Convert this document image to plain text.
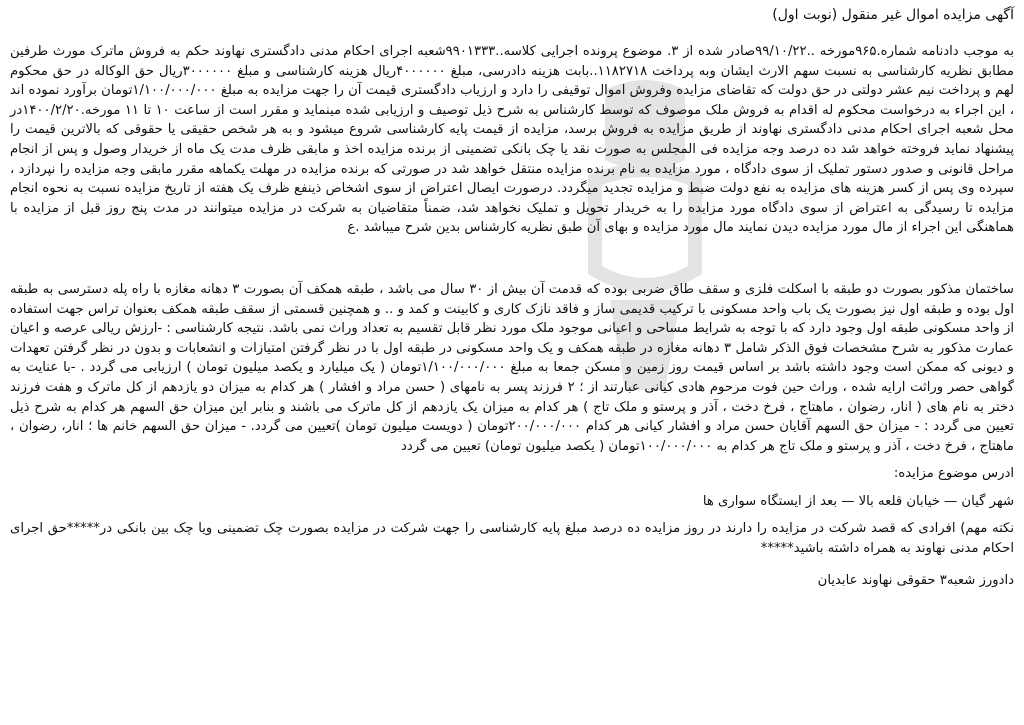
آگهی مزایده اموال غیر منقول (نوبت اول)

به موجب دادنامه شماره.۹۶۵مورخه ..۹۹/۱۰/۲۲صادر شده از ۳. موضوع پرونده اجرایی کلاسه..۹۹۰۱۳۳۳شعبه اجرای احکام مدنی دادگستری نهاوند حکم به فروش ماترک مورث طرفین مطابق نظریه کارشناسی به نسبت سهم الارث ایشان وبه پرداخت ۱۱۸۲۷۱۸..بابت هزینه دادرسی، مبلغ ۴۰۰۰۰۰۰ریال هزینه کارشناسی و مبلغ ۳۰۰۰۰۰۰ریال حق الوکاله در حق محکوم لهم و پرداخت نیم عشر دولتی در حق دولت که تقاضای مزایده وفروش اموال توقیفی را دارد و ارزیاب دادگستری قیمت آن را جهت مزایده به مبلغ ۱/۱۰۰/۰۰۰/۰۰۰تومان برآورد نموده اند ، این اجراء به درخواست محکوم له اقدام به فروش ملک موصوف که توسط کارشناس به شرح ذیل توصیف و ارزیابی شده مینماید و مقرر است از ساعت ۱۰ تا ۱۱ مورخه.۱۴۰۰/۲/۲۰در محل شعبه اجرای احکام مدنی دادگستری نهاوند از طریق مزایده به فروش برسد، مزایده از قیمت پایه کارشناسی شروع میشود و به هر شخص حقیقی یا حقوقی که بالاترین قیمت را پیشنهاد نماید فروخته خواهد شد ده درصد وجه مزایده فی المجلس به صورت نقد یا چک بانکی تضمینی از برنده مزایده اخذ و مابقی ظرف مدت یک ماه از خریدار وصول و پس از انجام مراحل قانونی و صدور دستور تملیک از سوی دادگاه ، مورد مزایده به نام برنده مزایده منتقل خواهد شد در صورتی که برنده مزایده در مهلت یکماهه مقرر مابقی وجه مزایده را نپردازد ، سپرده وی پس از کسر هزینه های مزایده به نفع دولت ضبط و مزایده تجدید میگردد. درصورت ایصال اعتراض از سوی اشخاص ذینفع ظرف یک هفته از تاریخ مزایده نسبت به نحوه انجام مزایده تا رسیدگی به اعتراض از سوی دادگاه مورد مزایده را به خریدار تحویل و تملیک نخواهد شد، ضمناً متقاضیان به شرکت در مزایده میتوانند در مدت پنج روز قبل از مزایده با هماهنگی این اجراء از مال مورد مزایده دیدن نمایند مال مورد مزایده و بهای آن طبق نظریه کارشناس بدین شرح میباشد .ع

ساختمان مذکور بصورت دو طبقه با اسکلت فلزی و سقف طاق ضربی بوده که قدمت آن بیش از ۳۰ سال می باشد ، طبقه همکف آن بصورت ۳ دهانه مغازه با راه پله دسترسی به طبقه اول بوده و طبقه اول نیز بصورت یک باب واحد مسکونی با ترکیب قدیمی ساز و فاقد نازک کاری و کابینت و کمد و .. و همچنین قسمتی از سقف طبقه همکف بعنوان تراس جهت استفاده از واحد مسکونی طبقه اول وجود دارد که با توجه به شرایط مساحی و اعیانی موجود ملک مورد نظر قابل تقسیم به تعداد وراث نمی باشد. نتیجه کارشناسی : -ارزش ریالی عرصه و اعیان عمارت مذکور به شرح مشخصات فوق الذکر شامل ۳ دهانه مغازه در طبقه همکف و یک واحد مسکونی در طبقه اول با در نظر گرفتن امتیازات و انشعابات و بدون در نظر گرفتن تعهدات و دیونی که ممکن است وجود داشته باشد بر اساس قیمت روز زمین و مسکن جمعا به مبلغ ۱/۱۰۰/۰۰۰/۰۰۰تومان ( یک میلیارد و یکصد میلیون تومان ) ارزیابی می گردد . -با عنایت به گواهی حصر وراثت ارایه شده ، وراث حین فوت مرحوم هادی کیانی عبارتند از ؛ ۲ فرزند پسر به نامهای ( حسن مراد و افشار ) هر کدام به میزان دو یازدهم از کل ماترک و هفت فرزند دختر به نام های ( انار، رضوان ، ماهتاج ، فرخ دخت ، آذر و پرستو و ملک تاج ) هر کدام به میزان یک یازدهم از کل ماترک می باشند و بنابر این میزان حق السهم هر کدام به شرح ذیل تعیین می گردد : - میزان حق السهم آقایان حسن مراد و افشار کیانی هر کدام ۲۰۰/۰۰۰/۰۰۰تومان ( دویست میلیون تومان )تعیین می گردد. - میزان حق السهم خانم ها ؛ انار، رضوان ، ماهتاج ، فرخ دخت ، آذر و پرستو و ملک تاج هر کدام به ۱۰۰/۰۰۰/۰۰۰تومان ( یکصد میلیون تومان) تعیین می گردد

ادرس موضوع مزایده:

شهر گیان — خیابان قلعه بالا — بعد از ایستگاه سواری ها

نکته مهم) افرادی که قصد شرکت در مزایده را دارند در روز مزایده ده درصد مبلغ پایه کارشناسی را جهت شرکت در مزایده بصورت چک تضمینی ویا چک بین بانکی در*****حق اجرای احکام مدنی نهاوند به همراه داشته باشید*****

دادورز شعبه۳ حقوقی نهاوند عابدیان
